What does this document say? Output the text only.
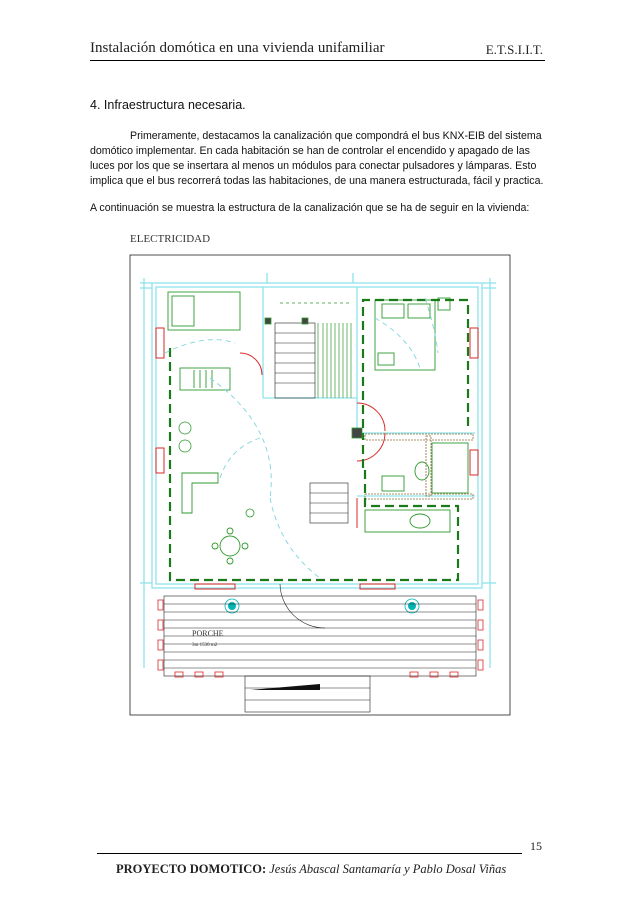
Instalación domótica en una vivienda unifamiliar	E.T.S.I.I.T.
4. Infraestructura necesaria.

Primeramente, destacamos la canalización que compondrá el bus KNX-EIB del sistema domótico implementar. En cada habitación se han de controlar el encendido y apagado de las luces por los que se insertara al menos un módulos para conectar pulsadores y lámparas. Esto implica que el bus recorrerá todas las habitaciones, de una manera estructurada, fácil y practica.

A continuación se muestra la estructura de la canalización que se ha de seguir en la vivienda:
ELECTRICIDAD
PORCHE
3m 1530 m2
15
PROYECTO DOMOTICO: Jesús Abascal Santamaría y Pablo Dosal Viñas
